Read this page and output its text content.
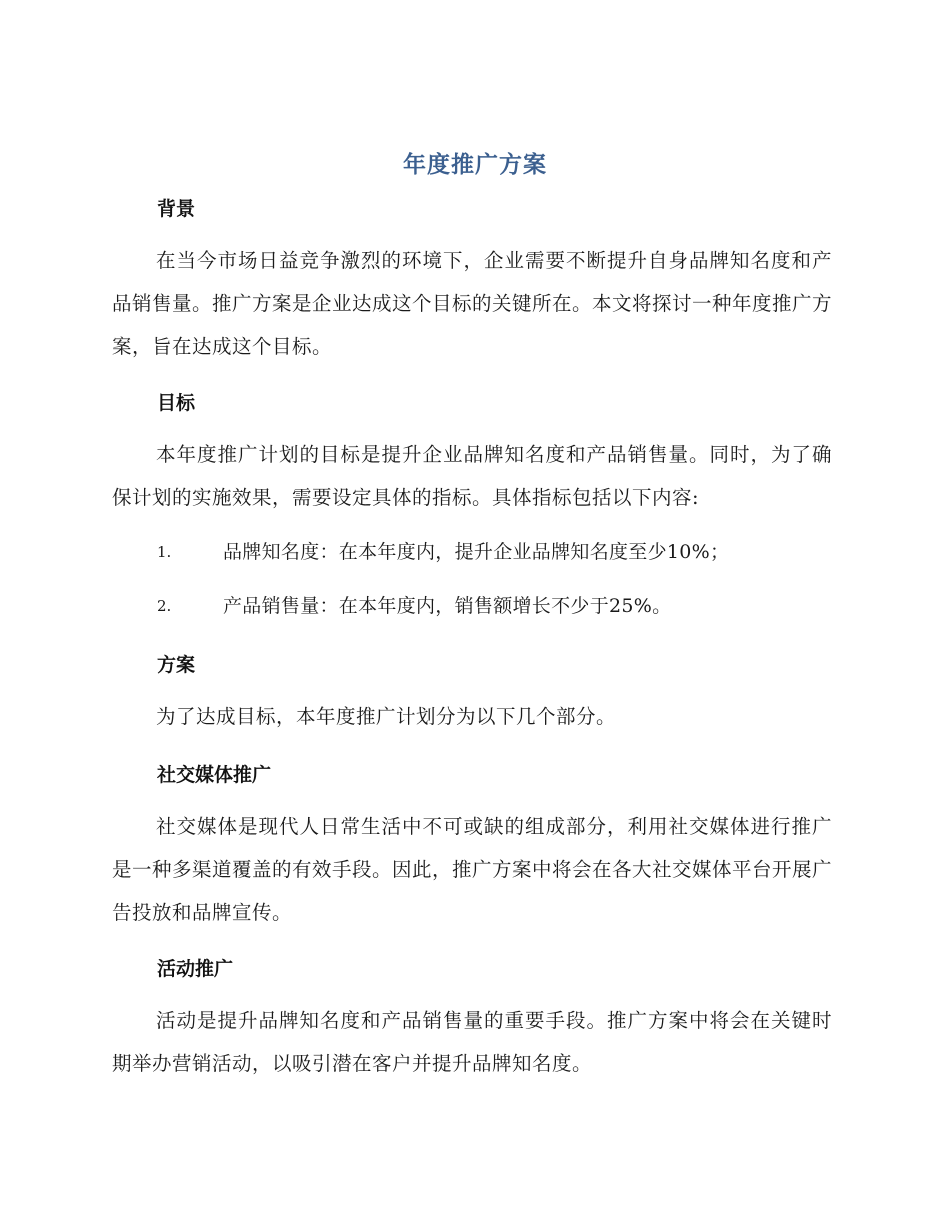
年度推广方案
背景

在当今市场日益竞争激烈的环境下，企业需要不断提升自身品牌知名度和产品销售量。推广方案是企业达成这个目标的关键所在。本文将探讨一种年度推广方案，旨在达成这个目标。

目标

本年度推广计划的目标是提升企业品牌知名度和产品销售量。同时，为了确保计划的实施效果，需要设定具体的指标。具体指标包括以下内容:

1.	品牌知名度：在本年度内，提升企业品牌知名度至少10%；
2.	产品销售量：在本年度内，销售额增长不少于25%。
方案

为了达成目标，本年度推广计划分为以下几个部分。

社交媒体推广

社交媒体是现代人日常生活中不可或缺的组成部分，利用社交媒体进行推广是一种多渠道覆盖的有效手段。因此，推广方案中将会在各大社交媒体平台开展广告投放和品牌宣传。

活动推广

活动是提升品牌知名度和产品销售量的重要手段。推广方案中将会在关键时期举办营销活动，以吸引潜在客户并提升品牌知名度。
